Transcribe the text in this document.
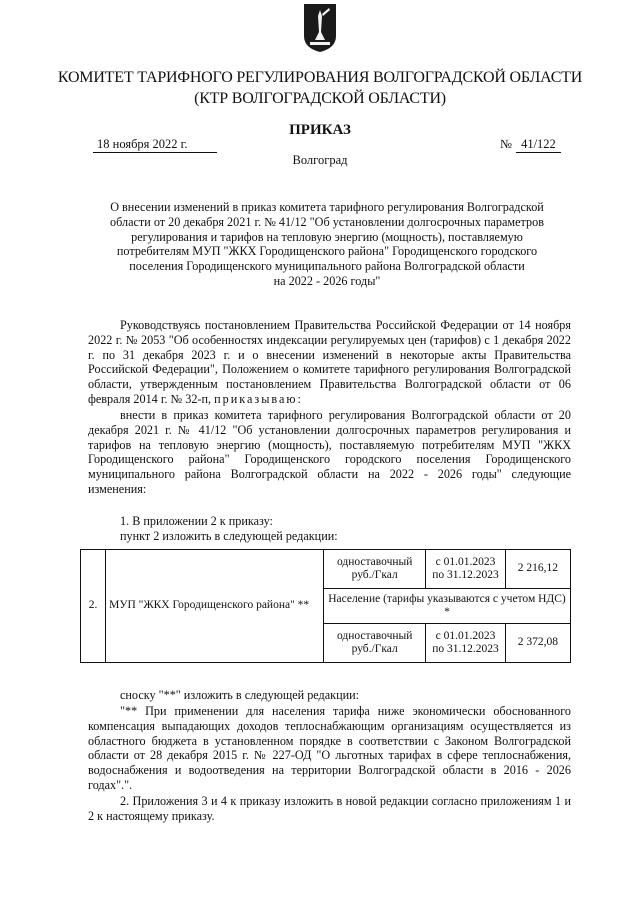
КОМИТЕТ ТАРИФНОГО РЕГУЛИРОВАНИЯ ВОЛГОГРАДСКОЙ ОБЛАСТИ
(КТР ВОЛГОГРАДСКОЙ ОБЛАСТИ)
ПРИКАЗ
18 ноября 2022 г.	№ 41/122
Волгоград
О внесении изменений в приказ комитета тарифного регулирования Волгоградской
области от 20 декабря 2021 г. № 41/12 "Об установлении долгосрочных параметров
регулирования и тарифов на тепловую энергию (мощность), поставляемую
потребителям МУП "ЖКХ Городищенского района" Городищенского городского
поселения Городищенского муниципального района Волгоградской области
на 2022 - 2026 годы"
Руководствуясь постановлением Правительства Российской Федерации от 14 ноября 2022 г. № 2053 "Об особенностях индексации регулируемых цен (тарифов) с 1 декабря 2022 г. по 31 декабря 2023 г. и о внесении изменений в некоторые акты Правительства Российской Федерации", Положением о комитете тарифного регулирования Волгоградской области, утвержденным постановлением Правительства Волгоградской области от 06 февраля 2014 г. № 32-п, приказываю:
внести в приказ комитета тарифного регулирования Волгоградской области от 20 декабря 2021 г. № 41/12 "Об установлении долгосрочных параметров регулирования и тарифов на тепловую энергию (мощность), поставляемую потребителям МУП "ЖКХ Городищенского района" Городищенского городского поселения Городищенского муниципального района Волгоградской области на 2022 - 2026 годы" следующие изменения:
1. В приложении 2 к приказу:
пункт 2 изложить в следующей редакции:
2.	МУП "ЖКХ Городищенского района" **	одноставочный руб./Гкал	с 01.01.2023 по 31.12.2023	2 216,12
		Население (тарифы указываются с учетом НДС) *		
		одноставочный руб./Гкал	с 01.01.2023 по 31.12.2023	2 372,08
сноску "**" изложить в следующей редакции:
"** При применении для населения тарифа ниже экономически обоснованного компенсация выпадающих доходов теплоснабжающим организациям осуществляется из областного бюджета в установленном порядке в соответствии с Законом Волгоградской области от 28 декабря 2015 г. № 227-ОД "О льготных тарифах в сфере теплоснабжения, водоснабжения и водоотведения на территории Волгоградской области в 2016 - 2026 годах".".
2. Приложения 3 и 4 к приказу изложить в новой редакции согласно приложениям 1 и 2 к настоящему приказу.
